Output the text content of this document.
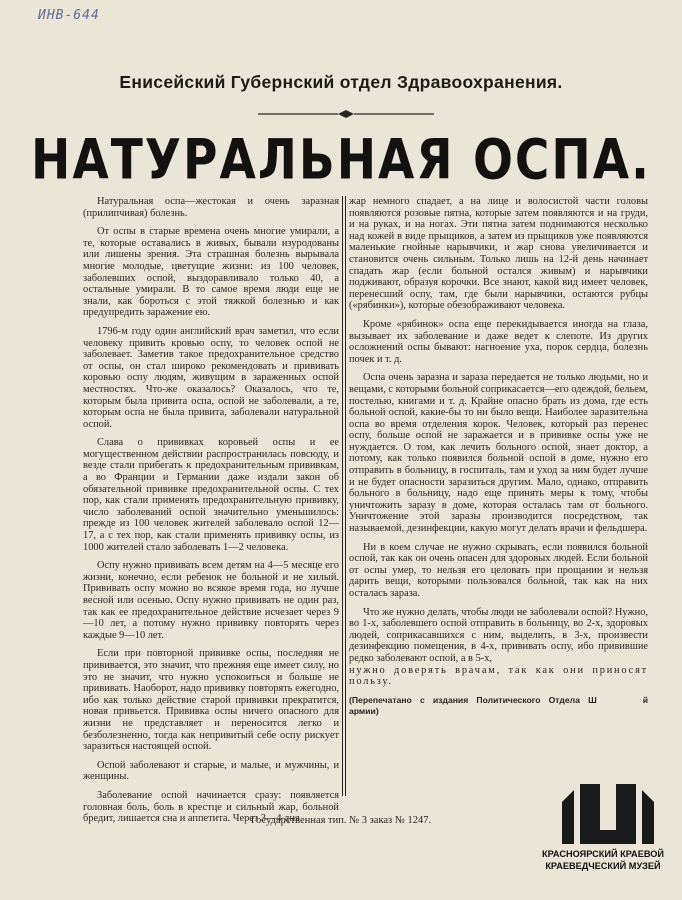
ИНВ-644
Енисейский Губернский отдел Здравоохранения.
НАТУРАЛЬНАЯ ОСПА.

Натуральная оспа—жестокая и очень заразная (прилипчивая) болезнь.

От оспы в старые времена очень многие умирали, а те, которые оставались в живых, бывали изуродованы или лишены зрения. Эта страшная болезнь вырывала многие молодые, цветущие жизни: из 100 человек, заболевших оспой, выздоравливало только 40, а остальные умирали. В то самое время люди еще не знали, как бороться с этой тяжкой болезнью и как предупредить заражение ею.

1796-м году один английский врач заметил, что если человеку привить кровью оспу, то человек оспой не заболевает. Заметив такое предохранительное средство от оспы, он стал широко рекомендовать и прививать коровью оспу людям, живущим в зараженных оспой местностях. Что-же оказалось? Оказалось, что те, которым была привита оспа, оспой не заболевали, а те, которым оспа не была привита, заболевали натуральной оспой.

Слава о прививках коровьей оспы и ее могущественном действии распространилась повсюду, и везде стали прибегать к предохранительным прививкам, а во Франции и Германии даже издали закон об обязательной прививке предохранительной оспы. С тех пор, как стали применять предохранительную прививку, число заболеваний оспой значительно уменьшилось: прежде из 100 человек жителей заболевало оспой 12—17, а с тех пор, как стали применять прививку оспы, из 1000 жителей стало заболевать 1—2 человека.

Оспу нужно прививать всем детям на 4—5 месяце его жизни, конечно, если ребенок не больной и не хилый. Прививать оспу можно во всякое время года, но лучше весной или осенью. Оспу нужно прививать не один раз, так как ее предохранительное действие исчезает через 9—10 лет, а потому нужно прививку повторять через каждые 9—10 лет.

Если при повторной прививке оспы, последняя не прививается, это значит, что прежняя еще имеет силу, но это не значит, что нужно успокоиться и больше не прививать. Наоборот, надо прививку повторять ежегодно, ибо как только действие старой прививки прекратится, новая привьется. Прививка оспы ничего опасного для жизни не представляет и переносится легко и безболезненно, тогда как непривитый себе оспу рискует заразиться настоящей оспой.

Оспой заболевают и старые, и малые, и мужчины, и женщины.

Заболевание оспой начинается сразу: появляется головная боль, боль в крестце и сильный жар, больной бредит, лишается сна и аппетита. Через 3—4 дня

жар немного спадает, а на лице и волосистой части головы появляются розовые пятна, которые затем появляются и на груди, и на руках, и на ногах. Эти пятна затем поднимаются несколько над кожей в виде прыщиков, а затем из прыщиков уже появляются маленькие гнойные нарывчики, и жар снова увеличивается и становится очень сильным. Только лишь на 12-й день начинает спадать жар (если больной остался живым) и нарывчики подживают, образуя корочки. Все знают, какой вид имеет человек, перенесший оспу, там, где были нарывчики, остаются рубцы («рябинки»), которые обезображивают человека.

Кроме «рябинок» оспа еще перекидывается иногда на глаза, вызывает их заболевание и даже ведет к слепоте. Из других осложнений оспы бывают: нагноение уха, порок сердца, болезнь почек и т. д.

Оспа очень заразна и зараза передается не только людьми, но и вещами, с которыми больной соприкасается—его одеждой, бельем, постелью, книгами и т. д. Крайне опасно брать из дома, где есть больной оспой, какие-бы то ни было вещи. Наиболее заразительна оспа во время отделения корок. Человек, который раз перенес оспу, больше оспой не заражается и в прививке оспы уже не нуждается. О том, как лечить больного оспой, знает доктор, а потому, как только появился больной оспой в доме, нужно его отправить в больницу, в госпиталь, там и уход за ним будет лучше и не будет опасности заразиться другим. Мало, однако, отправить больного в больницу, надо еще принять меры к тому, чтобы уничтожить заразу в доме, которая осталась там от больного. Уничтожение этой заразы производится посредством, так называемой, дезинфекции, какую могут делать врачи и фельдшера.

Ни в коем случае не нужно скрывать, если появился больной оспой, так как он очень опасен для здоровых людей. Если больной от оспы умер, то нельзя его целовать при прощании и нельзя дарить вещи, которыми пользовался больной, так как на них осталась зараза.

Что же нужно делать, чтобы люди не заболевали оспой? Нужно, во 1-х, заболевшего оспой отправить в больницу, во 2-х, здоровых людей, соприкасавшихся с ним, выделить, в 3-х, произвести дезинфекцию помещения, в 4-х, прививать оспу, ибо привившие редко заболевают оспой, а в 5-х,

нужно доверять врачам, так как они приносят пользу.

(Перепечатано с издания Политического Отдела Ш	й армии)

Государственная тип. № 3 заказ № 1247.
КРАСНОЯРСКИЙ КРАЕВОЙ
КРАЕВЕДЧЕСКИЙ МУЗЕЙ
